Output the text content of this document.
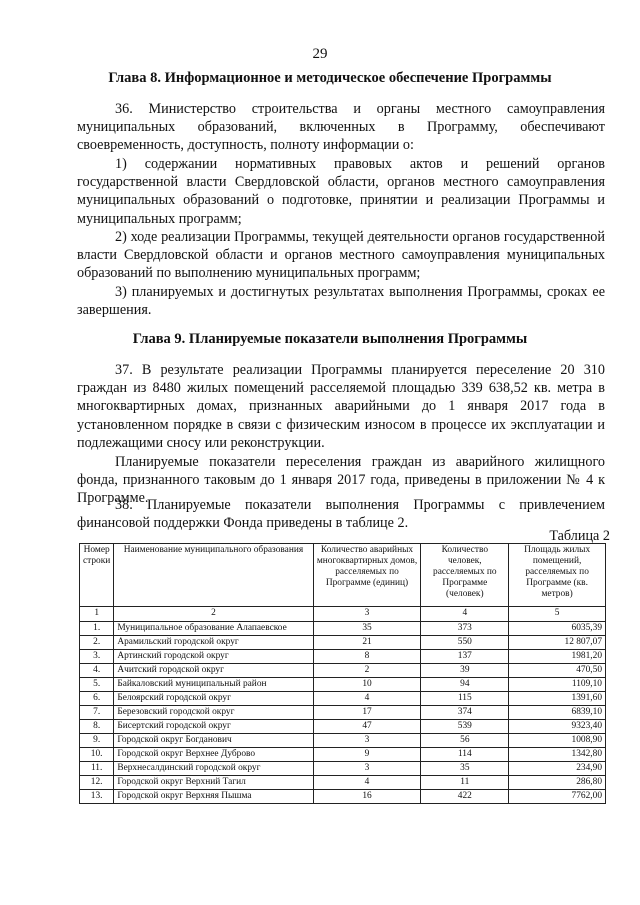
29
Глава 8. Информационное и методическое обеспечение Программы

36. Министерство строительства и органы местного самоуправления муниципальных образований, включенных в Программу, обеспечивают своевременность, доступность, полноту информации о:

1) содержании нормативных правовых актов и решений органов государственной власти Свердловской области, органов местного самоуправления муниципальных образований о подготовке, принятии и реализации Программы и муниципальных программ;

2) ходе реализации Программы, текущей деятельности органов государственной власти Свердловской области и органов местного самоуправления муниципальных образований по выполнению муниципальных программ;

3) планируемых и достигнутых результатах выполнения Программы, сроках ее завершения.

Глава 9. Планируемые показатели выполнения Программы

37. В результате реализации Программы планируется переселение 20 310 граждан из 8480 жилых помещений расселяемой площадью 339 638,52 кв. метра в многоквартирных домах, признанных аварийными до 1 января 2017 года в установленном порядке в связи с физическим износом в процессе их эксплуатации и подлежащими сносу или реконструкции.

Планируемые показатели переселения граждан из аварийного жилищного фонда, признанного таковым до 1 января 2017 года, приведены в приложении № 4 к Программе.

38. Планируемые показатели выполнения Программы с привлечением финансовой поддержки Фонда приведены в таблице 2.

Таблица 2
Номер строки	Наименование муниципального образования	Количество аварийных многоквартирных домов, расселяемых по Программе (единиц)	Количество человек, расселяемых по Программе (человек)	Площадь жилых помещений, расселяемых по Программе (кв. метров)
1	2	3	4	5
1.	Муниципальное образование Алапаевское	35	373	6035,39
2.	Арамильский городской округ	21	550	12 807,07
3.	Артинский городской округ	8	137	1981,20
4.	Ачитский городской округ	2	39	470,50
5.	Байкаловский муниципальный район	10	94	1109,10
6.	Белоярский городской округ	4	115	1391,60
7.	Березовский городской округ	17	374	6839,10
8.	Бисертский городской округ	47	539	9323,40
9.	Городской округ Богданович	3	56	1008,90
10.	Городской округ Верхнее Дуброво	9	114	1342,80
11.	Верхнесалдинский городской округ	3	35	234,90
12.	Городской округ Верхний Тагил	4	11	286,80
13.	Городской округ Верхняя Пышма	16	422	7762,00
